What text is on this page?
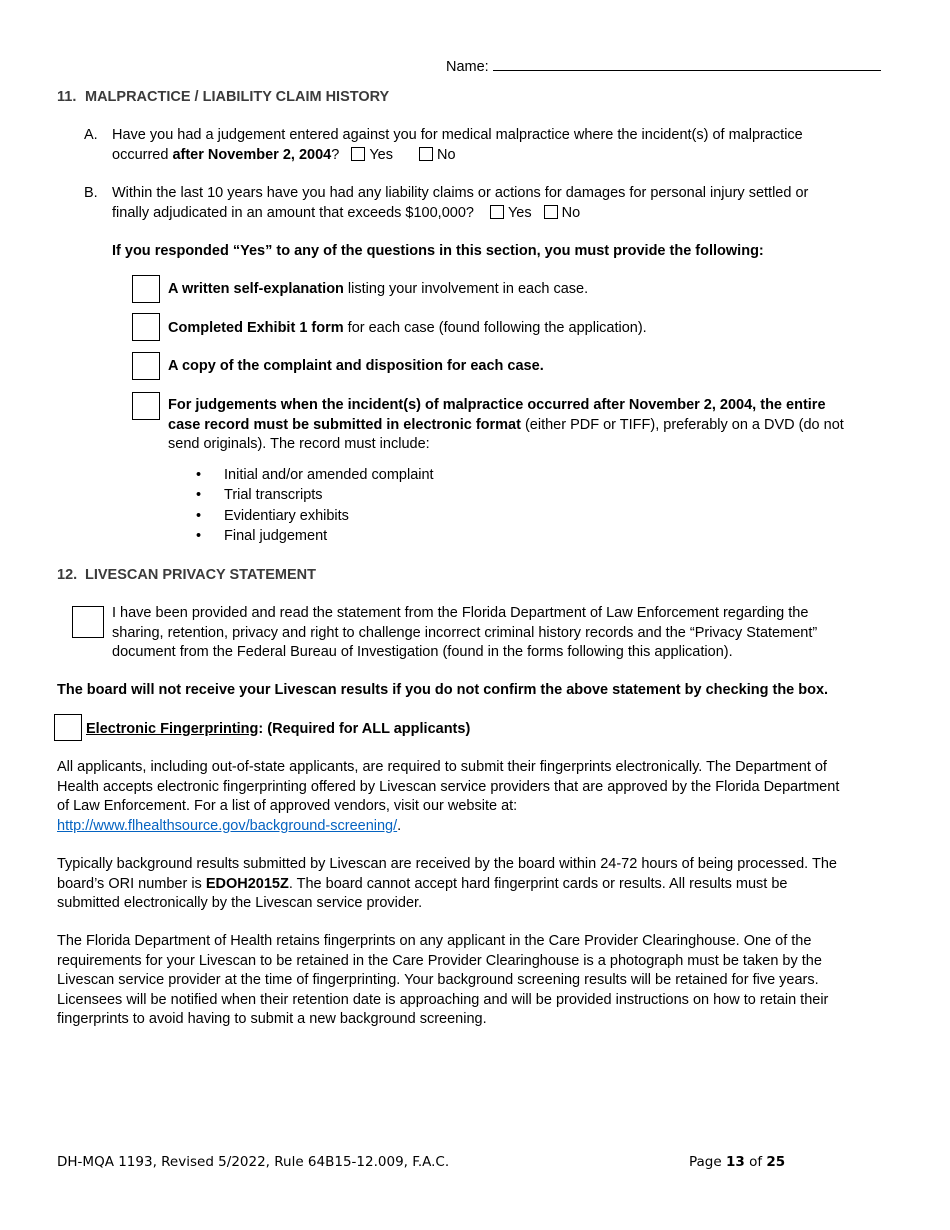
Name:
11. MALPRACTICE / LIABILITY CLAIM HISTORY
A. Have you had a judgement entered against you for medical malpractice where the incident(s) of malpractice
occurred after November 2, 2004? Yes	No
B. Within the last 10 years have you had any liability claims or actions for damages for personal injury settled or
finally adjudicated in an amount that exceeds $100,000? Yes No
If you responded “Yes” to any of the questions in this section, you must provide the following:
A written self-explanation listing your involvement in each case.
Completed Exhibit 1 form for each case (found following the application).
A copy of the complaint and disposition for each case.
For judgements when the incident(s) of malpractice occurred after November 2, 2004, the entire
case record must be submitted in electronic format (either PDF or TIFF), preferably on a DVD (do not
send originals). The record must include:
• Initial and/or amended complaint
• Trial transcripts
• Evidentiary exhibits
• Final judgement
12. LIVESCAN PRIVACY STATEMENT
I have been provided and read the statement from the Florida Department of Law Enforcement regarding the
sharing, retention, privacy and right to challenge incorrect criminal history records and the “Privacy Statement”
document from the Federal Bureau of Investigation (found in the forms following this application).
The board will not receive your Livescan results if you do not confirm the above statement by checking the box.
Electronic Fingerprinting: (Required for ALL applicants)
All applicants, including out-of-state applicants, are required to submit their fingerprints electronically. The Department of
Health accepts electronic fingerprinting offered by Livescan service providers that are approved by the Florida Department
of Law Enforcement. For a list of approved vendors, visit our website at:
http://www.flhealthsource.gov/background-screening/.
Typically background results submitted by Livescan are received by the board within 24-72 hours of being processed. The
board’s ORI number is EDOH2015Z. The board cannot accept hard fingerprint cards or results. All results must be
submitted electronically by the Livescan service provider.
The Florida Department of Health retains fingerprints on any applicant in the Care Provider Clearinghouse. One of the
requirements for your Livescan to be retained in the Care Provider Clearinghouse is a photograph must be taken by the
Livescan service provider at the time of fingerprinting. Your background screening results will be retained for five years.
Licensees will be notified when their retention date is approaching and will be provided instructions on how to retain their
fingerprints to avoid having to submit a new background screening.
DH-MQA 1193, Revised 5/2022, Rule 64B15-12.009, F.A.C.	Page 13 of 25
